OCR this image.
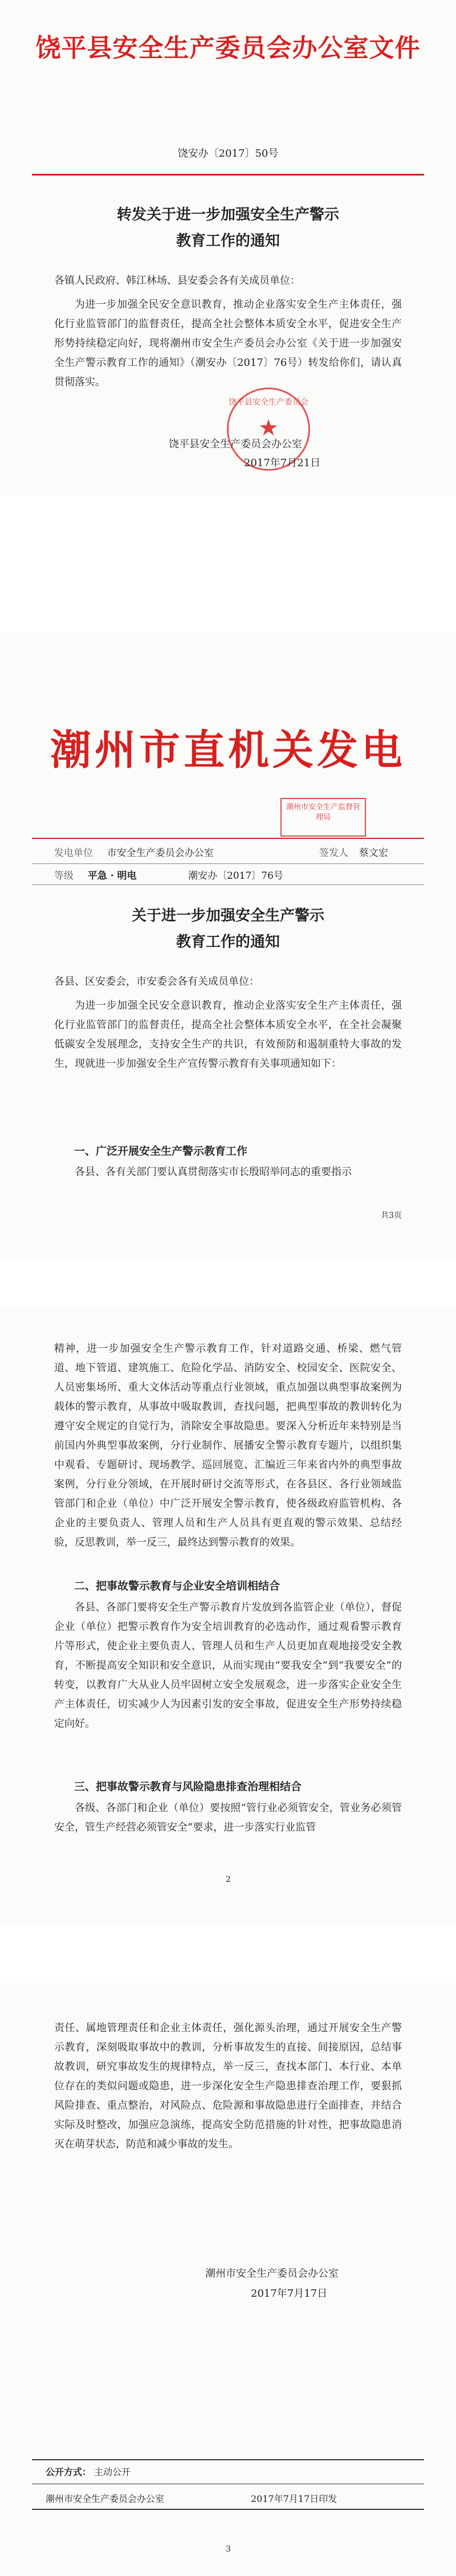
饶平县安全生产委员会办公室文件
饶安办〔2017〕50号
转发关于进一步加强安全生产警示
教育工作的通知
各镇人民政府、韩江林场、县安委会各有关成员单位：

为进一步加强全民安全意识教育，推动企业落实安全生产主体责任，强化行业监管部门的监督责任，提高全社会整体本质安全水平，促进安全生产形势持续稳定向好，现将潮州市安全生产委员会办公室《关于进一步加强安全生产警示教育工作的通知》（潮安办〔2017〕76号）转发给你们，请认真贯彻落实。

饶平县安全生产委员会
★
饶平县安全生产委员会办公室
2017年7月21日
潮州市直机关发电
潮州市安全生产监督管理局
发电单位 市安全生产委员会办公室	签发人 蔡文宏
等级 平急 · 明电	潮安办〔2017〕76号
关于进一步加强安全生产警示
教育工作的通知
各县、区安委会，市安委会各有关成员单位：

为进一步加强全民安全意识教育，推动企业落实安全生产主体责任，强化行业监管部门的监督责任，提高全社会整体本质安全水平，在全社会凝聚低碳安全发展理念，支持安全生产的共识，有效预防和遏制重特大事故的发生，现就进一步加强安全生产宣传警示教育有关事项通知如下：

一、广泛开展安全生产警示教育工作

各县、各有关部门要认真贯彻落实市长殷昭举同志的重要指示

共3页

精神，进一步加强安全生产警示教育工作，针对道路交通、桥梁、燃气管道、地下管道、建筑施工、危险化学品、消防安全、校园安全、医院安全、人员密集场所、重大文体活动等重点行业领域，重点加强以典型事故案例为载体的警示教育，从事故中吸取教训，查找问题，把典型事故的教训转化为遵守安全规定的自觉行为，消除安全事故隐患。要深入分析近年来特别是当前国内外典型事故案例，分行业制作、展播安全警示教育专题片，以组织集中观看、专题研讨、现场教学、巡回展览、汇编近三年来省内外的典型事故案例，分行业分领域，在开展时研讨交流等形式，在各县区、各行业领域监管部门和企业（单位）中广泛开展安全警示教育，使各级政府监管机构、各企业的主要负责人、管理人员和生产人员具有更直观的警示效果、总结经验，反思教训，举一反三，最终达到警示教育的效果。

二、把事故警示教育与企业安全培训相结合

各县、各部门要将安全生产警示教育片发放到各监管企业（单位），督促企业（单位）把警示教育作为安全培训教育的必选动作，通过观看警示教育片等形式，使企业主要负责人、管理人员和生产人员更加直观地接受安全教育，不断提高安全知识和安全意识，从而实现由“要我安全”到“我要安全”的转变，以教育广大从业人员牢固树立安全发展观念，进一步落实企业安全生产主体责任，切实减少人为因素引发的安全事故，促进安全生产形势持续稳定向好。

三、把事故警示教育与风险隐患排查治理相结合

各级、各部门和企业（单位）要按照“管行业必须管安全，管业务必须管安全，管生产经营必须管安全”要求，进一步落实行业监管

2

责任、属地管理责任和企业主体责任，强化源头治理，通过开展安全生产警示教育，深刻吸取事故中的教训，分析事故发生的直接、间接原因，总结事故教训，研究事故发生的规律特点，举一反三，查找本部门、本行业、本单位存在的类似问题或隐患，进一步深化安全生产隐患排查治理工作，要狠抓风险排查、重点整治，对风险点、危险源和事故隐患进行全面排查，并结合实际及时整改，加强应急演练，提高安全防范措施的针对性，把事故隐患消灭在萌芽状态，防范和减少事故的发生。

潮州市安全生产委员会办公室
2017年7月17日
公开方式： 主动公开
潮州市安全生产委员会办公室	2017年7月17日印发
3
